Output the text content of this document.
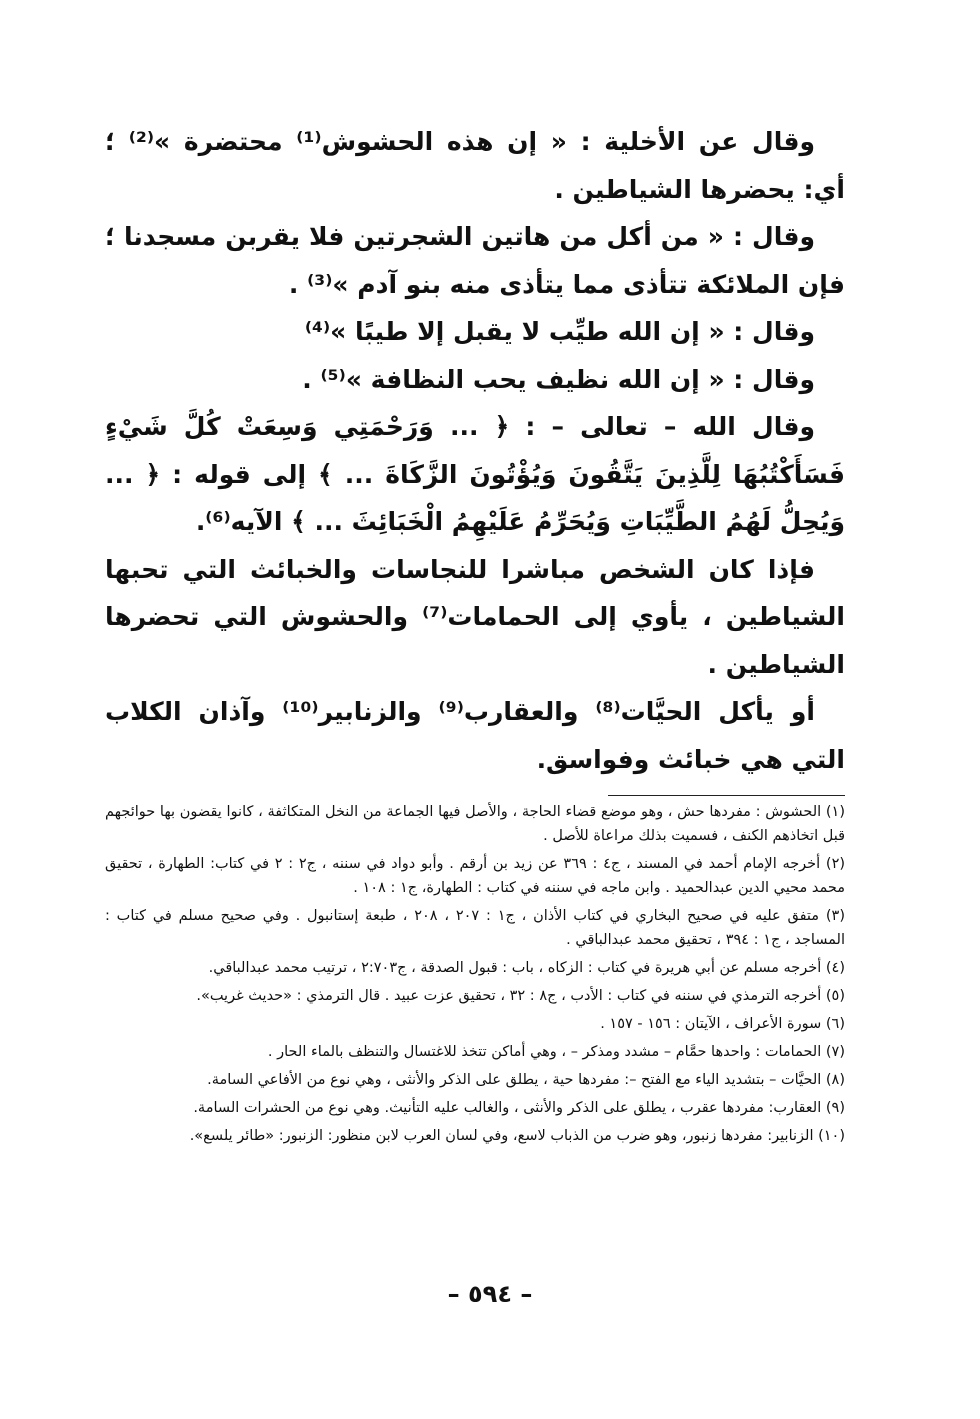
وقال عن الأخلية : « إن هذه الحشوش⁽¹⁾ محتضرة »⁽²⁾ ؛ أي: يحضرها الشياطين .

وقال : « من أكل من هاتين الشجرتين فلا يقربن مسجدنا ؛ فإن الملائكة تتأذى مما يتأذى منه بنو آدم »⁽³⁾ .

وقال : « إن الله طيِّب لا يقبل إلا طيبًا »⁽⁴⁾

وقال : « إن الله نظيف يحب النظافة »⁽⁵⁾ .

وقال الله – تعالى – : ﴿ ... وَرَحْمَتِي وَسِعَتْ كُلَّ شَيْءٍ فَسَأَكْتُبُهَا لِلَّذِينَ يَتَّقُونَ وَيُؤْتُونَ الزَّكَاةَ ... ﴾ إلى قوله : ﴿ ... وَيُحِلُّ لَهُمُ الطَّيِّبَاتِ وَيُحَرِّمُ عَلَيْهِمُ الْخَبَائِثَ ... ﴾ الآيه⁽⁶⁾.

فإذا كان الشخص مباشرا للنجاسات والخبائث التي تحبها الشياطين ، يأوي إلى الحمامات⁽⁷⁾ والحشوش التي تحضرها الشياطين .

أو يأكل الحيَّات⁽⁸⁾ والعقارب⁽⁹⁾ والزنابير⁽¹⁰⁾ وآذان الكلاب التي هي خبائث وفواسق.

(١) الحشوش : مفردها حش ، وهو موضع قضاء الحاجة ، والأصل فيها الجماعة من النخل المتكاثفة ، كانوا يقضون بها حوائجهم قبل اتخاذهم الكنف ، فسميت بذلك مراعاة للأصل .

(٢) أخرجه الإمام أحمد في المسند ، ج٤ : ٣٦٩ عن زيد بن أرقم . وأبو دواد في سننه ، ج٢ : ٢ في كتاب: الطهارة ، تحقيق محمد محيي الدين عبدالحميد . وابن ماجه في سننه في كتاب : الطهارة، ج١ : ١٠٨ .

(٣) متفق عليه في صحيح البخاري في كتاب الأذان ، ج١ : ٢٠٧ ، ٢٠٨ ، طبعة إستانبول . وفي صحيح مسلم في كتاب : المساجد ، ج١ : ٣٩٤ ، تحقيق محمد عبدالباقي .

(٤) أخرجه مسلم عن أبي هريرة في كتاب : الزكاه ، باب : قبول الصدقة ، ج٢:٧٠٣ ، ترتيب محمد عبدالباقي.

(٥) أخرجه الترمذي في سننه في كتاب : الأدب ، ج٨ : ٣٢ ، تحقيق عزت عبيد . قال الترمذي : «حديث غريب».

(٦) سورة الأعراف ، الآيتان : ١٥٦ - ١٥٧ .

(٧) الحمامات : واحدها حمَّام – مشدد ومذكر – ، وهي أماكن تتخذ للاغتسال والتنظف بالماء الحار .

(٨) الحيَّات – بتشديد الياء مع الفتح –: مفردها حية ، يطلق على الذكر والأنثى ، وهي نوع من الأفاعي السامة.

(٩) العقارب: مفردها عقرب ، يطلق على الذكر والأنثى ، والغالب عليه التأنيث. وهي نوع من الحشرات السامة.

(١٠) الزنابير: مفردها زنبور، وهو ضرب من الذباب لاسع، وفي لسان العرب لابن منظور: الزنبور: «طائر يلسع».

– ٥٩٤ –
